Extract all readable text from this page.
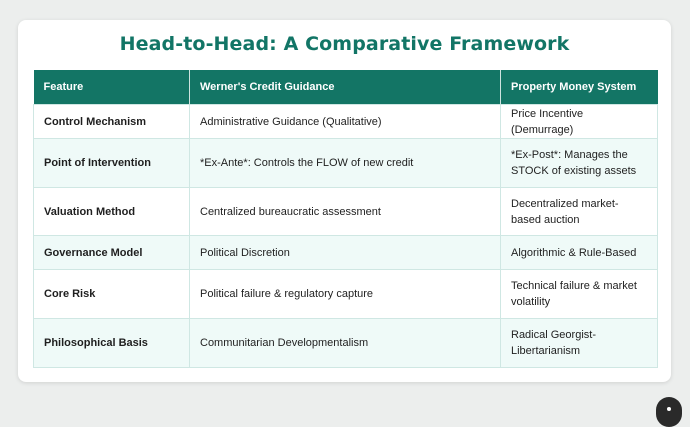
Head-to-Head: A Comparative Framework
Feature	Werner's Credit Guidance	Property Money System
Control Mechanism	Administrative Guidance (Qualitative)	Price Incentive (Demurrage)
Point of Intervention	*Ex-Ante*: Controls the FLOW of new credit	*Ex-Post*: Manages the STOCK of existing assets
Valuation Method	Centralized bureaucratic assessment	Decentralized market-based auction
Governance Model	Political Discretion	Algorithmic & Rule-Based
Core Risk	Political failure & regulatory capture	Technical failure & market volatility
Philosophical Basis	Communitarian Developmentalism	Radical Georgist-Libertarianism
